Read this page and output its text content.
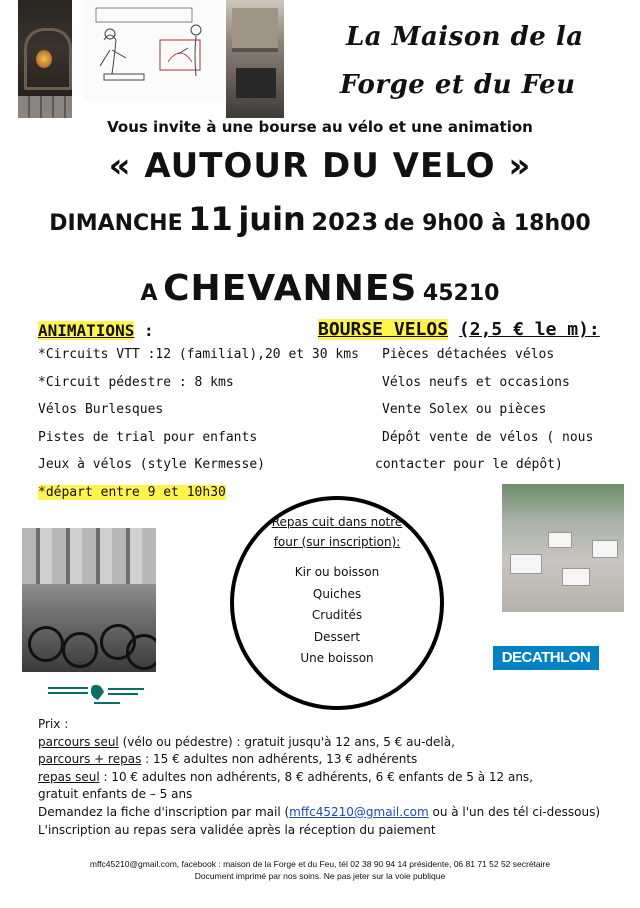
La Maison de la
Forge et du Feu
Vous invite à une bourse au vélo et une animation
« AUTOUR DU VELO »
DIMANCHE 11 juin 2023 de 9h00 à 18h00
A CHEVANNES 45210
ANIMATIONS :
*Circuits VTT :12 (familial),20 et 30 kms
*Circuit pédestre : 8 kms
Vélos Burlesques
Pistes de trial pour enfants
Jeux à vélos (style Kermesse)
*départ entre 9 et 10h30
BOURSE VELOS (2,5 € le m):
Pièces détachées vélos
Vélos neufs et occasions
Vente Solex ou pièces
Dépôt vente de vélos ( nous
contacter pour le dépôt)
Repas cuit dans notre
four (sur inscription):
Kir ou boisson
Quiches
Crudités
Dessert
Une boisson	DECATHLON
Prix :
parcours seul (vélo ou pédestre) : gratuit jusqu'à 12 ans, 5 € au-delà,
parcours + repas : 15 € adultes non adhérents, 13 € adhérents
repas seul : 10 € adultes non adhérents, 8 € adhérents, 6 € enfants de 5 à 12 ans,
gratuit enfants de – 5 ans
Demandez la fiche d'inscription par mail (mffc45210@gmail.com ou à l'un des tél ci-dessous)
L'inscription au repas sera validée après la réception du paiement
mffc45210@gmail.com, facebook : maison de la Forge et du Feu, tél 02 38 90 94 14 présidente, 06 81 71 52 52 secrétaire
Document imprimé par nos soins. Ne pas jeter sur la voie publique
